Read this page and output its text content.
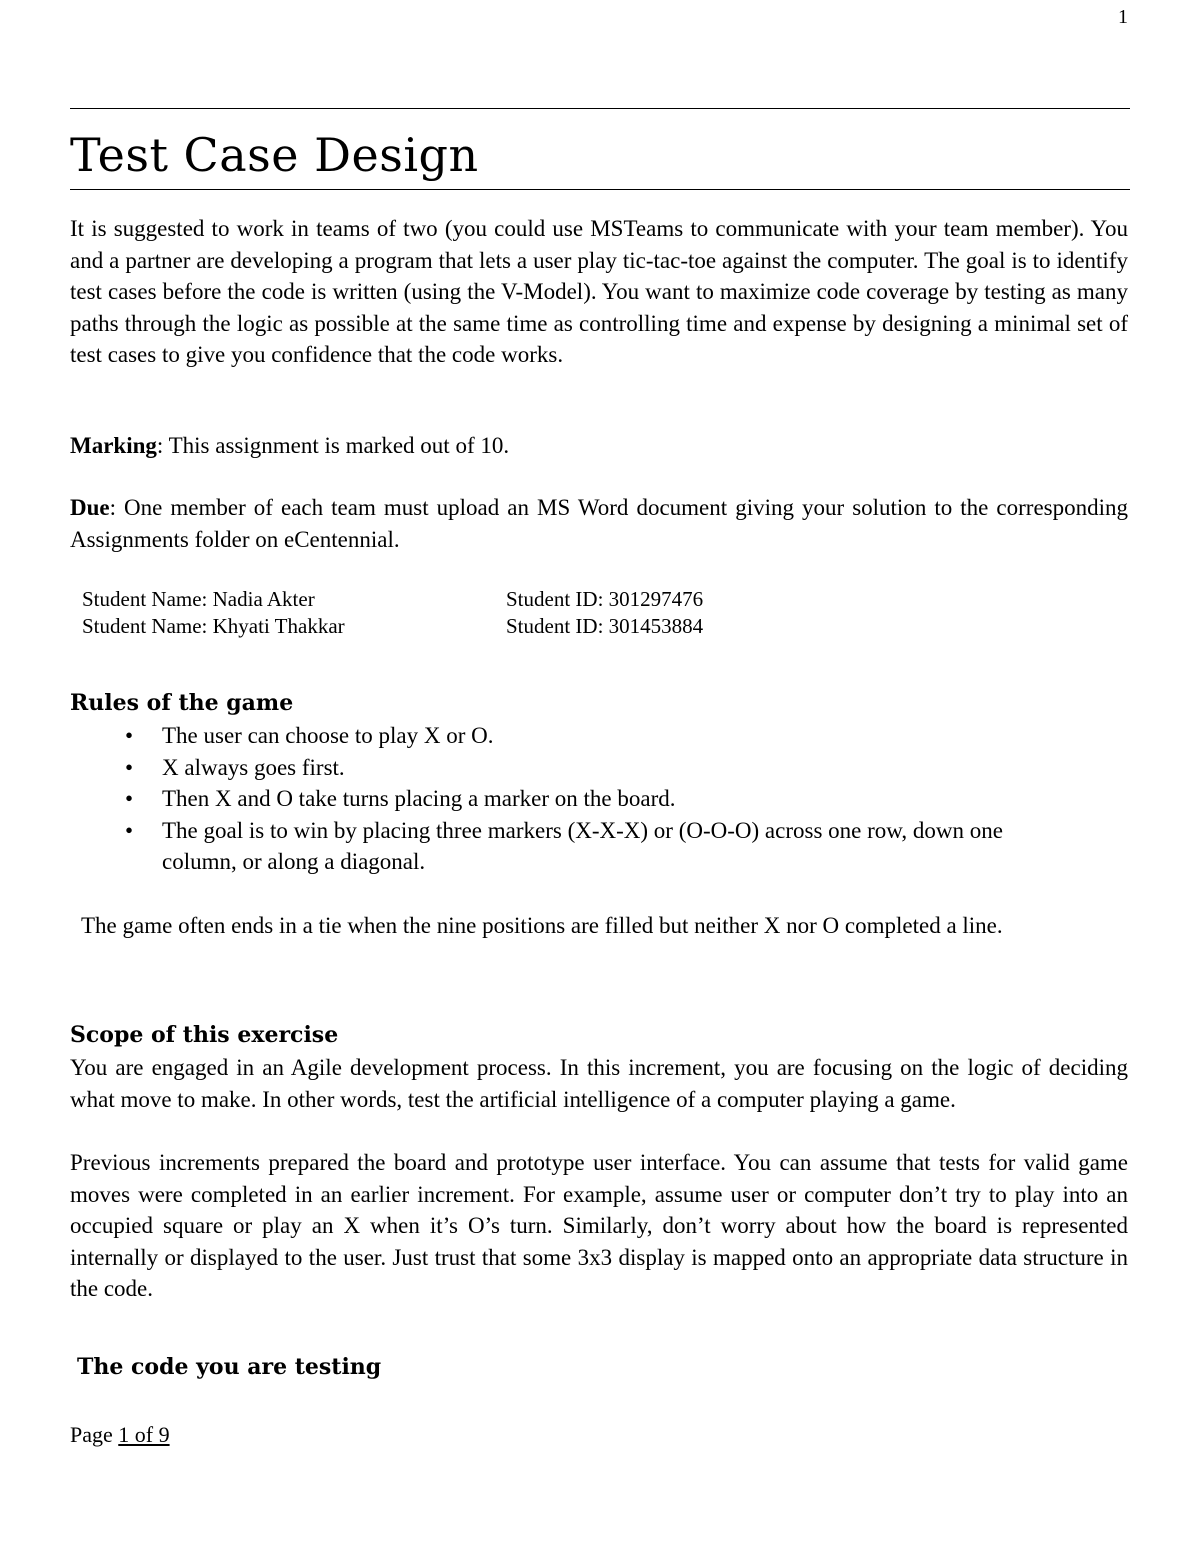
1
Test Case Design
It is suggested to work in teams of two (you could use MSTeams to communicate with your team member). You and a partner are developing a program that lets a user play tic-tac-toe against the computer. The goal is to identify test cases before the code is written (using the V-Model). You want to maximize code coverage by testing as many paths through the logic as possible at the same time as controlling time and expense by designing a minimal set of test cases to give you confidence that the code works.
Marking: This assignment is marked out of 10.
Due: One member of each team must upload an MS Word document giving your solution to the corresponding Assignments folder on eCentennial.
Student Name: Nadia Akter	Student ID: 301297476
Student Name: Khyati Thakkar	Student ID: 301453884
Rules of the game
• The user can choose to play X or O.
• X always goes first.
• Then X and O take turns placing a marker on the board.
• The goal is to win by placing three markers (X-X-X) or (O-O-O) across one row, down one column, or along a diagonal.
The game often ends in a tie when the nine positions are filled but neither X nor O completed a line.
Scope of this exercise
You are engaged in an Agile development process. In this increment, you are focusing on the logic of deciding what move to make. In other words, test the artificial intelligence of a computer playing a game.
Previous increments prepared the board and prototype user interface. You can assume that tests for valid game moves were completed in an earlier increment. For example, assume user or computer don’t try to play into an occupied square or play an X when it’s O’s turn. Similarly, don’t worry about how the board is represented internally or displayed to the user. Just trust that some 3x3 display is mapped onto an appropriate data structure in the code.
The code you are testing
Page 1 of 9
